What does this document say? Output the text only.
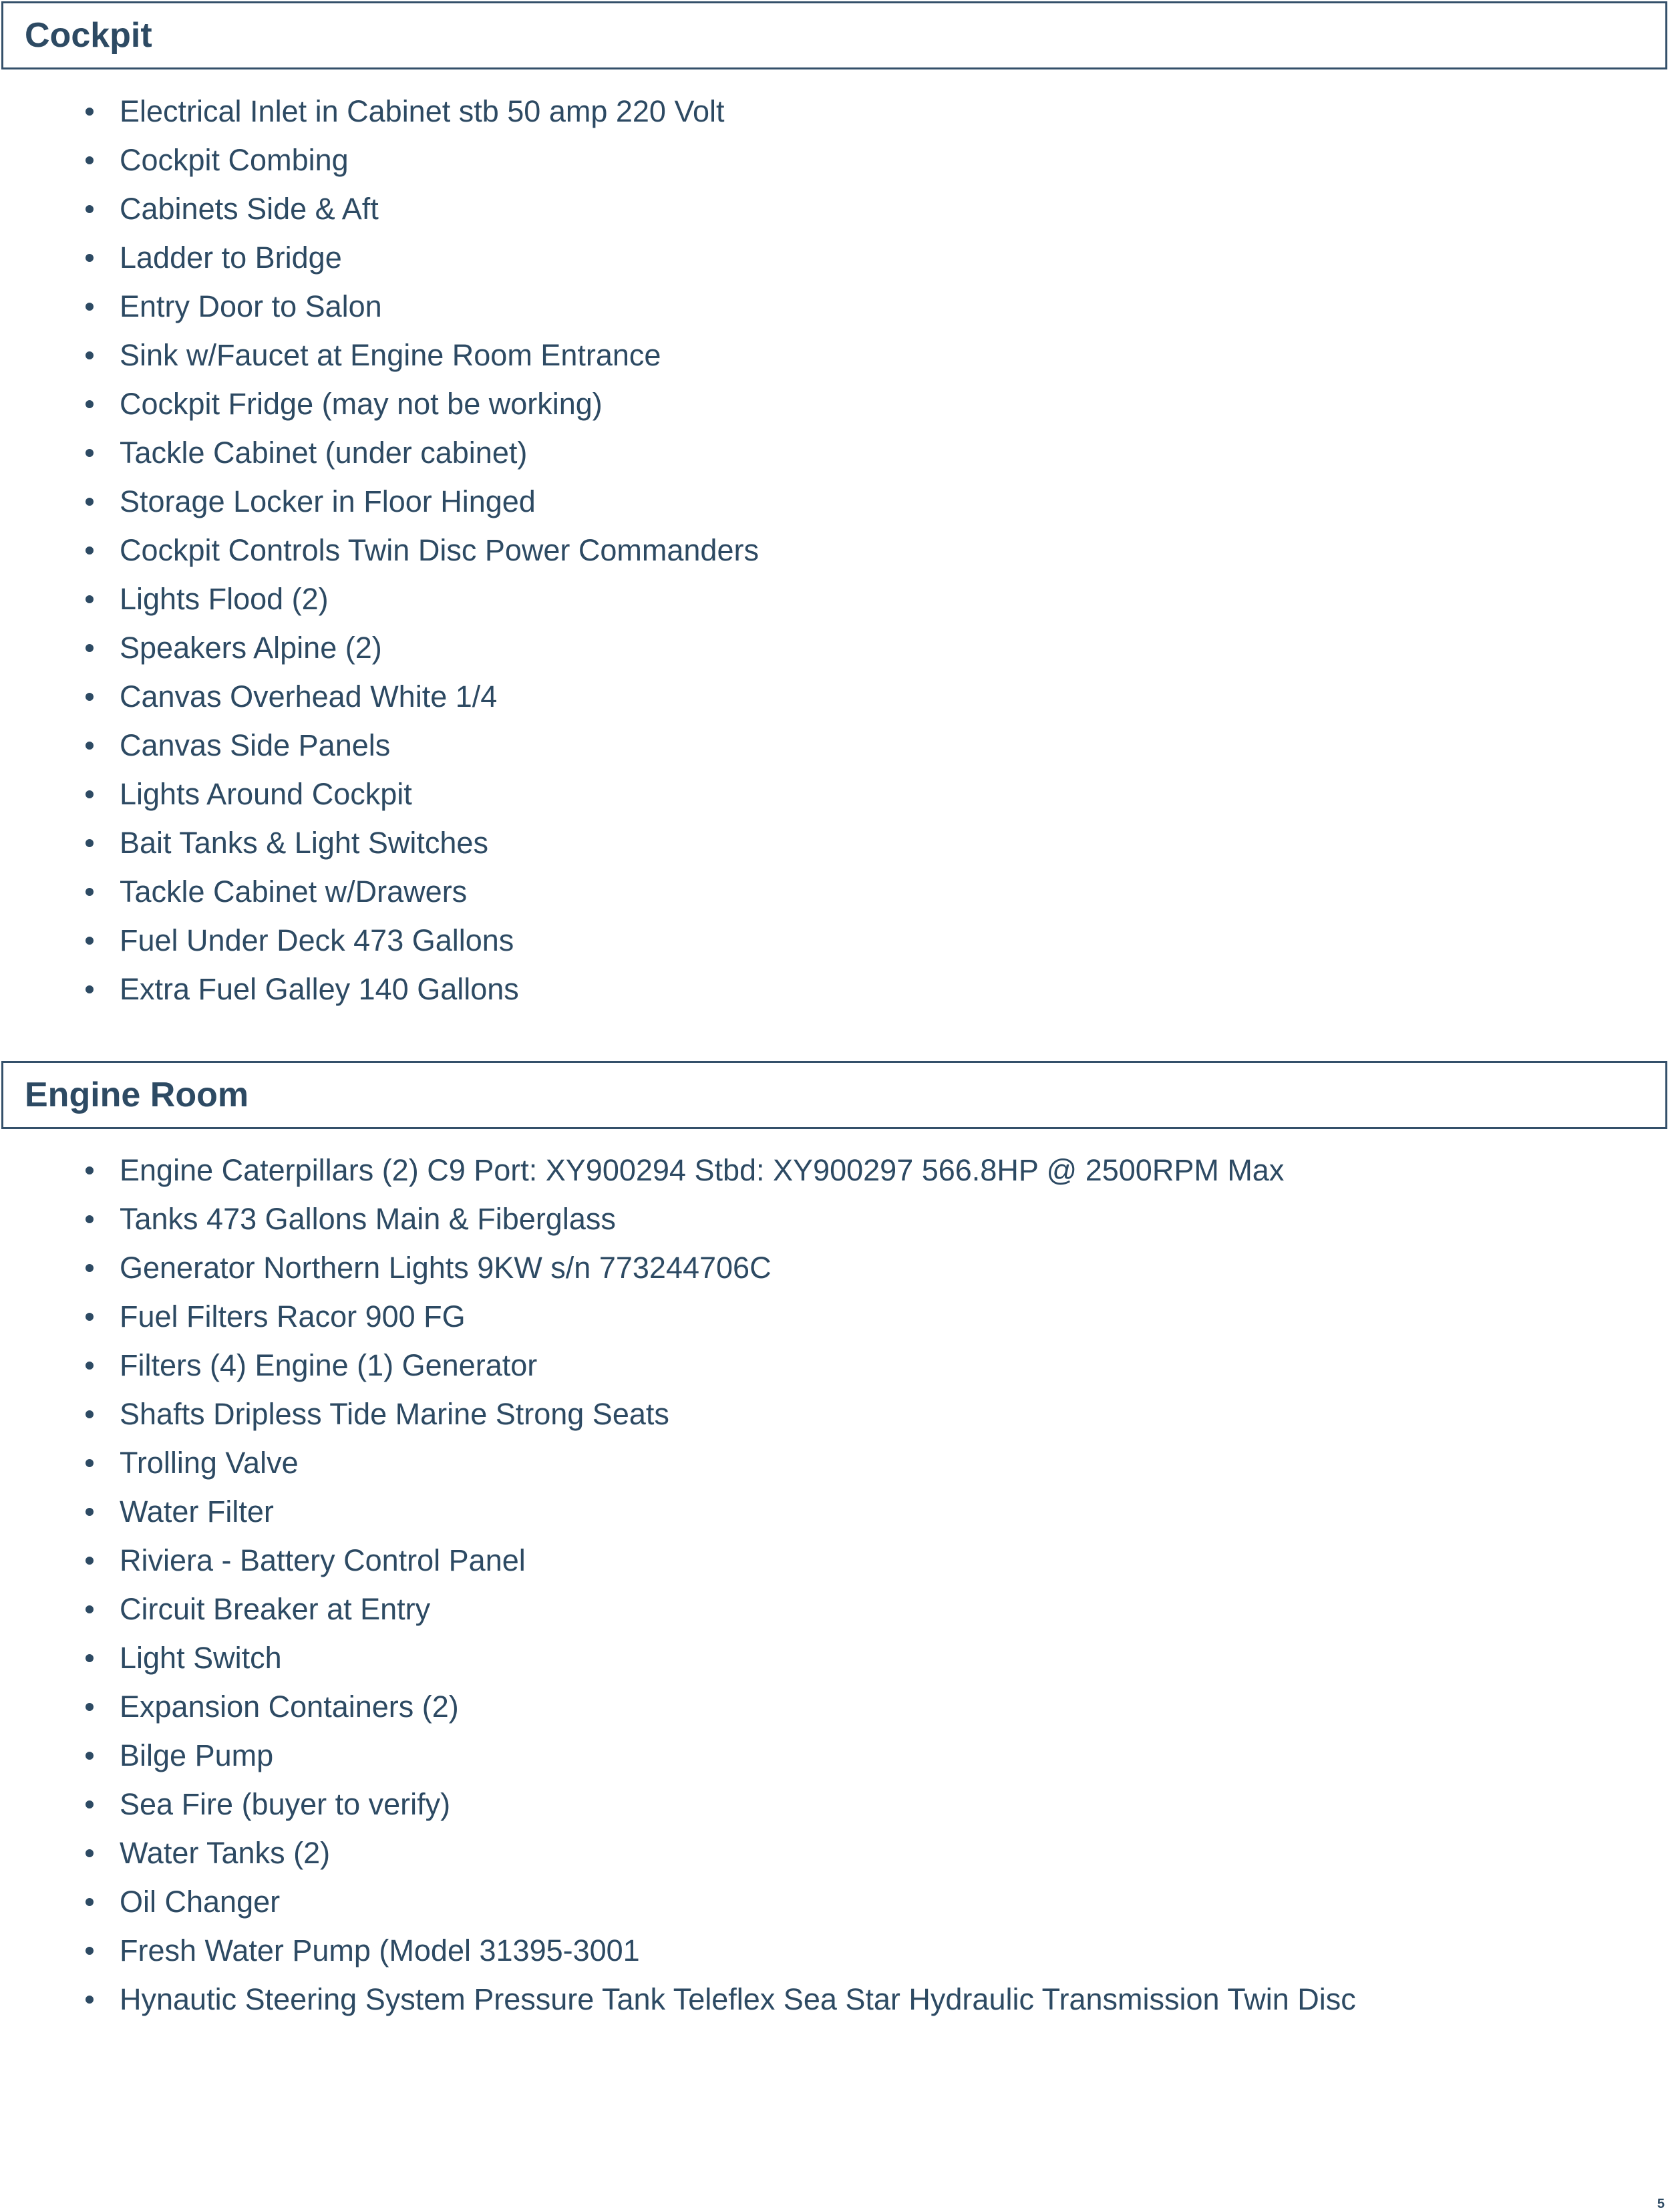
Cockpit
Electrical Inlet in Cabinet stb 50 amp 220 Volt
Cockpit Combing
Cabinets Side & Aft
Ladder to Bridge
Entry Door to Salon
Sink w/Faucet at Engine Room Entrance
Cockpit Fridge (may not be working)
Tackle Cabinet (under cabinet)
Storage Locker in Floor Hinged
Cockpit Controls Twin Disc Power Commanders
Lights Flood (2)
Speakers Alpine (2)
Canvas Overhead White 1/4
Canvas Side Panels
Lights Around Cockpit
Bait Tanks & Light Switches
Tackle Cabinet w/Drawers
Fuel Under Deck 473 Gallons
Extra Fuel Galley 140 Gallons
Engine Room
Engine Caterpillars (2) C9 Port: XY900294 Stbd: XY900297 566.8HP @ 2500RPM Max
Tanks 473 Gallons Main & Fiberglass
Generator Northern Lights 9KW s/n 773244706C
Fuel Filters Racor 900 FG
Filters (4) Engine (1) Generator
Shafts Dripless Tide Marine Strong Seats
Trolling Valve
Water Filter
Riviera - Battery Control Panel
Circuit Breaker at Entry
Light Switch
Expansion Containers (2)
Bilge Pump
Sea Fire (buyer to verify)
Water Tanks (2)
Oil Changer
Fresh Water Pump (Model 31395-3001
Hynautic Steering System Pressure Tank Teleflex Sea Star Hydraulic Transmission Twin Disc
5
